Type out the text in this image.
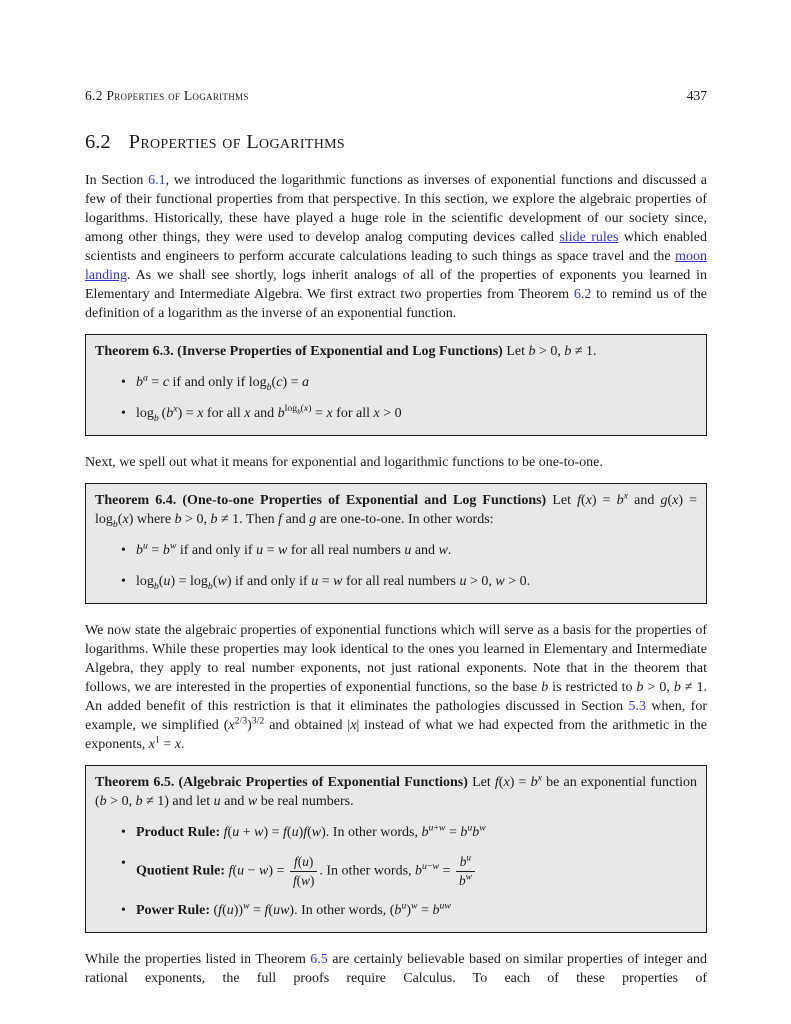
6.2 Properties of Logarithms	437
6.2 Properties of Logarithms

In Section 6.1, we introduced the logarithmic functions as inverses of exponential functions and discussed a few of their functional properties from that perspective. In this section, we explore the algebraic properties of logarithms. Historically, these have played a huge role in the scientific development of our society since, among other things, they were used to develop analog computing devices called slide rules which enabled scientists and engineers to perform accurate calculations leading to such things as space travel and the moon landing. As we shall see shortly, logs inherit analogs of all of the properties of exponents you learned in Elementary and Intermediate Algebra. We first extract two properties from Theorem 6.2 to remind us of the definition of a logarithm as the inverse of an exponential function.

Theorem 6.3. (Inverse Properties of Exponential and Log Functions) Let b > 0, b ≠ 1.

• $b^a = c$ if and only if $\log_b(c) = a$
• $\log_b (b^x) = x$ for all x and $b^{log_b(x)} = x$ for all x > 0

Next, we spell out what it means for exponential and logarithmic functions to be one-to-one.

Theorem 6.4. (One-to-one Properties of Exponential and Log Functions) Let $f(x) = b^x$ and $g(x) = \log_b(x)$ where b > 0, b ≠ 1. Then f and g are one-to-one. In other words:

• $b^u = b^w$ if and only if u = w for all real numbers u and w.
• $\log_b(u) = \log_b(w)$ if and only if u = w for all real numbers u > 0, w > 0.

We now state the algebraic properties of exponential functions which will serve as a basis for the properties of logarithms. While these properties may look identical to the ones you learned in Elementary and Intermediate Algebra, they apply to real number exponents, not just rational exponents. Note that in the theorem that follows, we are interested in the properties of exponential functions, so the base b is restricted to b > 0, b ≠ 1. An added benefit of this restriction is that it eliminates the pathologies discussed in Section 5.3 when, for example, we simplified $(x^{2/3})^{3/2}$ and obtained |x| instead of what we had expected from the arithmetic in the exponents, $x^1 = x$.

Theorem 6.5. (Algebraic Properties of Exponential Functions) Let $f(x) = b^x$ be an exponential function (b > 0, b ≠ 1) and let u and w be real numbers.

• Product Rule: f(u + w) = f(u)f(w). In other words, $b^{u+w} = b^ub^w$
• Quotient Rule: $f(u - w) = \frac{f(u)}{f(w)}$ . In other words, $b^{u-w} = \frac{b^u}{b^w}$
• Power Rule: $(f(u))^w = f(uw)$. In other words, $(b^u)^w = b^{uw}$

While the properties listed in Theorem 6.5 are certainly believable based on similar properties of integer and rational exponents, the full proofs require Calculus. To each of these properties of
